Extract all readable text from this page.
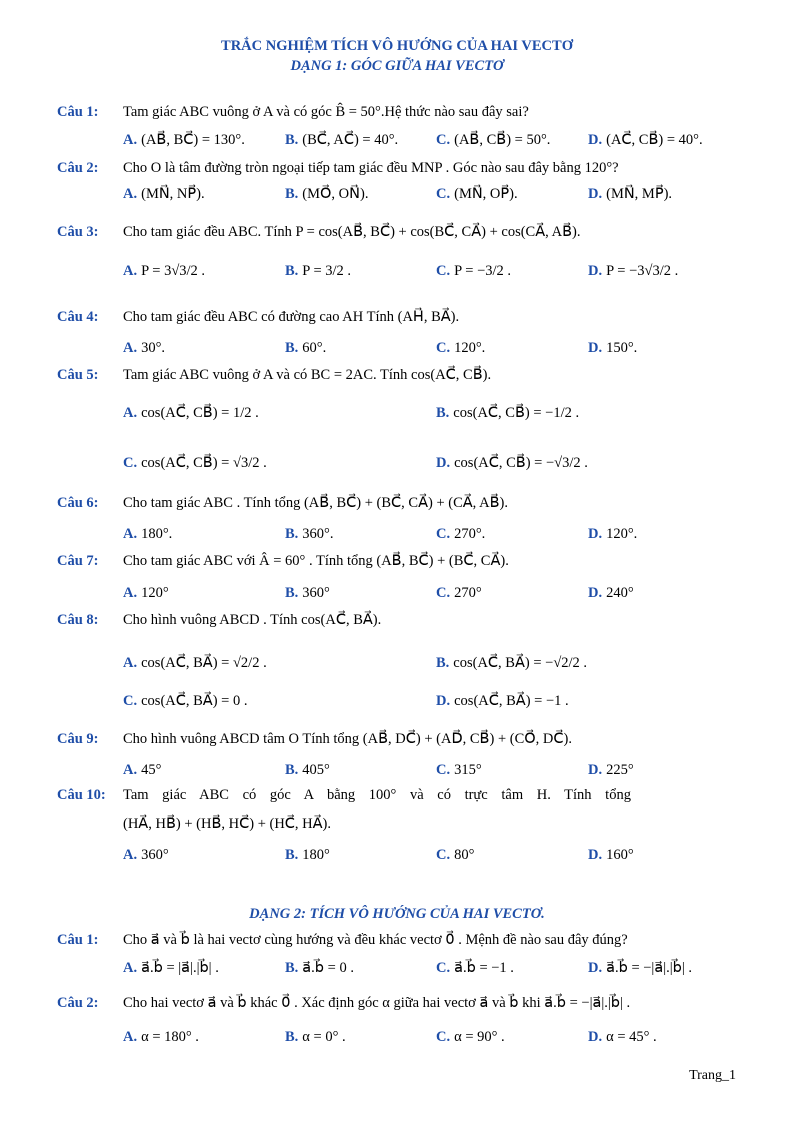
TRẮC NGHIỆM TÍCH VÔ HƯỚNG CỦA HAI VECTƠ
DẠNG 1: GÓC GIỮA HAI VECTƠ
Câu 1: Tam giác ABC vuông ở A và có góc B̂ = 50°.Hệ thức nào sau đây sai?
A. (AB⃗, BC⃗) = 130°.	B. (BC⃗, AC⃗) = 40°.	C. (AB⃗, CB⃗) = 50°.	D. (AC⃗, CB⃗) = 40°.
Câu 2: Cho O là tâm đường tròn ngoại tiếp tam giác đều MNP . Góc nào sau đây bằng 120°?
A. (MN⃗, NP⃗).	B. (MO⃗, ON⃗).	C. (MN⃗, OP⃗).	D. (MN⃗, MP⃗).
Câu 3: Cho tam giác đều ABC. Tính P = cos(AB⃗, BC⃗) + cos(BC⃗, CA⃗) + cos(CA⃗, AB⃗).
A. P = 3√3/2 .	B. P = 3/2 .	C. P = −3/2 .	D. P = −3√3/2 .
Câu 4: Cho tam giác đều ABC có đường cao AH Tính (AH⃗, BA⃗).
A. 30°.	B. 60°.	C. 120°.	D. 150°.
Câu 5: Tam giác ABC vuông ở A và có BC = 2AC. Tính cos(AC⃗, CB⃗).
A. cos(AC⃗, CB⃗) = 1/2 .	B. cos(AC⃗, CB⃗) = −1/2 .
C. cos(AC⃗, CB⃗) = √3/2 .	D. cos(AC⃗, CB⃗) = −√3/2 .
Câu 6: Cho tam giác ABC . Tính tổng (AB⃗, BC⃗) + (BC⃗, CA⃗) + (CA⃗, AB⃗).
A. 180°.	B. 360°.	C. 270°.	D. 120°.
Câu 7: Cho tam giác ABC với Â = 60° . Tính tổng (AB⃗, BC⃗) + (BC⃗, CA⃗).
A. 120°	B. 360°	C. 270°	D. 240°
Câu 8: Cho hình vuông ABCD . Tính cos(AC⃗, BA⃗).
A. cos(AC⃗, BA⃗) = √2/2 .	B. cos(AC⃗, BA⃗) = −√2/2 .
C. cos(AC⃗, BA⃗) = 0 .	D. cos(AC⃗, BA⃗) = −1 .
Câu 9: Cho hình vuông ABCD tâm O Tính tổng (AB⃗, DC⃗) + (AD⃗, CB⃗) + (CO⃗, DC⃗).
A. 45°	B. 405°	C. 315°	D. 225°
Câu 10: Tam giác ABC có góc A bằng 100° và có trực tâm H. Tính tổng
(HA⃗, HB⃗) + (HB⃗, HC⃗) + (HC⃗, HA⃗).
A. 360°	B. 180°	C. 80°	D. 160°
DẠNG 2: TÍCH VÔ HƯỚNG CỦA HAI VECTƠ.
Câu 1: Cho a⃗ và b⃗ là hai vectơ cùng hướng và đều khác vectơ 0⃗ . Mệnh đề nào sau đây đúng?
A. a⃗.b⃗ = |a⃗|.|b⃗| .	B. a⃗.b⃗ = 0 .	C. a⃗.b⃗ = −1 .	D. a⃗.b⃗ = −|a⃗|.|b⃗| .
Câu 2: Cho hai vectơ a⃗ và b⃗ khác 0⃗ . Xác định góc α giữa hai vectơ a⃗ và b⃗ khi a⃗.b⃗ = −|a⃗|.|b⃗| .
A. α = 180° .	B. α = 0° .	C. α = 90° .	D. α = 45° .
Trang_1
